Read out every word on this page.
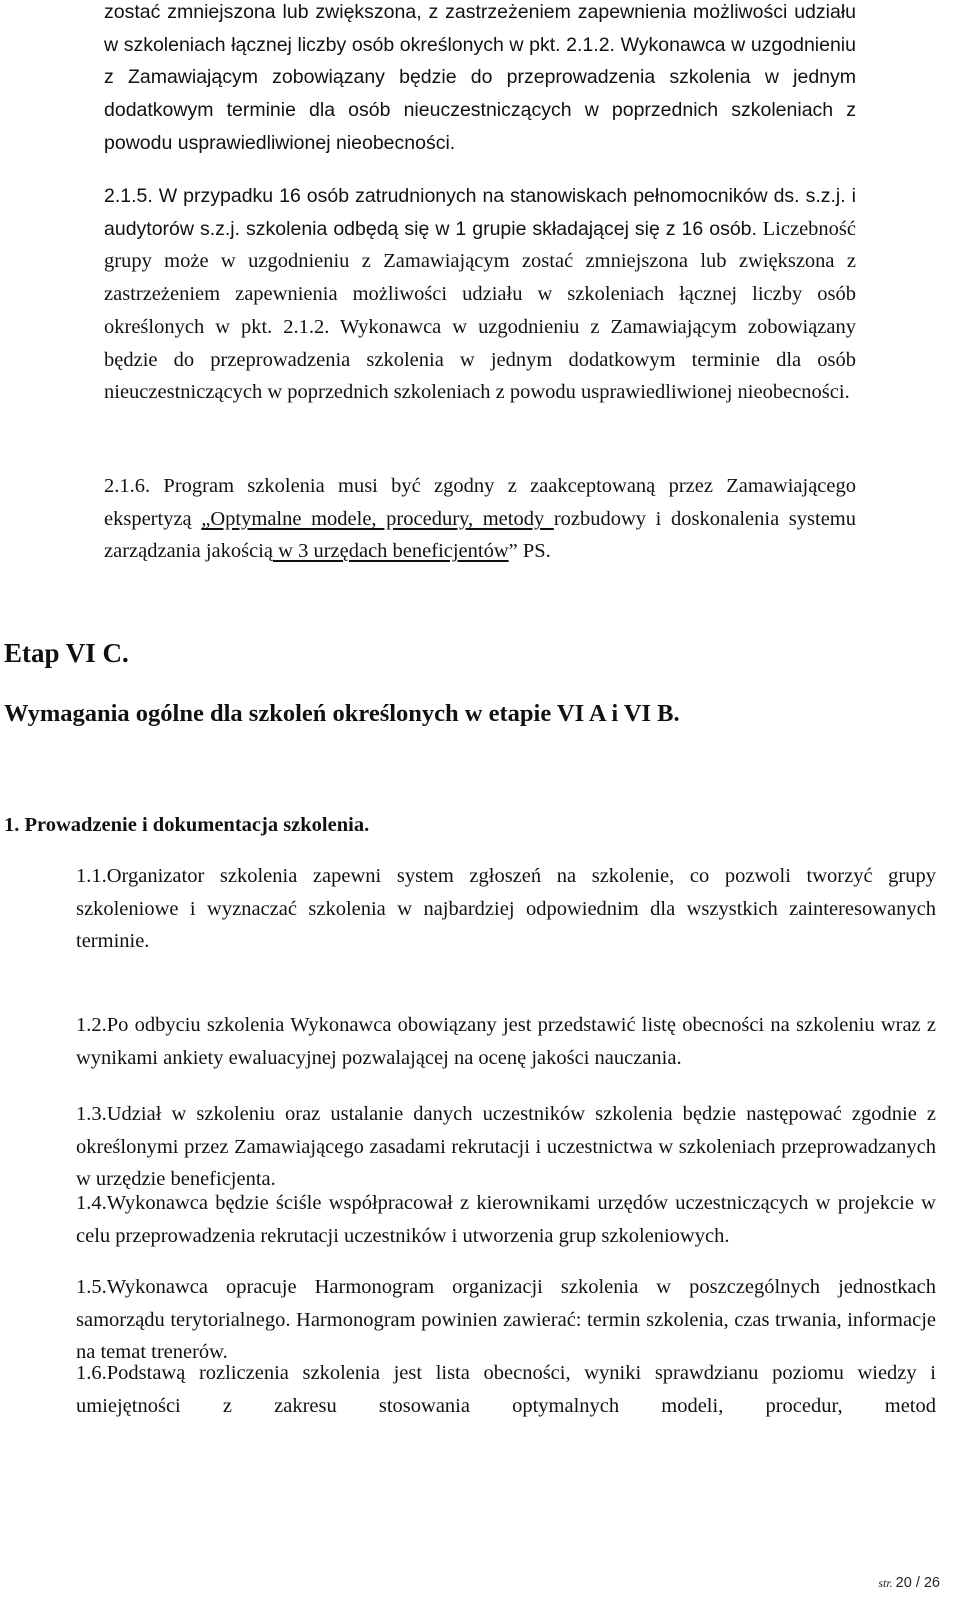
zostać zmniejszona lub zwiększona, z zastrzeżeniem zapewnienia możliwości udziału w szkoleniach łącznej liczby osób określonych w pkt. 2.1.2. Wykonawca w uzgodnieniu z Zamawiającym zobowiązany będzie do przeprowadzenia szkolenia w jednym dodatkowym terminie dla osób nieuczestniczących w poprzednich szkoleniach z powodu usprawiedliwionej nieobecności.

2.1.5. W przypadku 16 osób zatrudnionych na stanowiskach pełnomocników ds. s.z.j. i audytorów s.z.j. szkolenia odbędą się w 1 grupie składającej się z 16 osób. Liczebność grupy może w uzgodnieniu z Zamawiającym zostać zmniejszona lub zwiększona z zastrzeżeniem zapewnienia możliwości udziału w szkoleniach łącznej liczby osób określonych w pkt. 2.1.2. Wykonawca w uzgodnieniu z Zamawiającym zobowiązany będzie do przeprowadzenia szkolenia w jednym dodatkowym terminie dla osób nieuczestniczących w poprzednich szkoleniach z powodu usprawiedliwionej nieobecności.

2.1.6. Program szkolenia musi być zgodny z zaakceptowaną przez Zamawiającego ekspertyzą „Optymalne modele, procedury, metody rozbudowy i doskonalenia systemu zarządzania jakością w 3 urzędach beneficjentów” PS.

Etap VI C.
Wymagania ogólne dla szkoleń określonych w etapie VI A i VI B.
1. Prowadzenie i dokumentacja szkolenia.

1.1.Organizator szkolenia zapewni system zgłoszeń na szkolenie, co pozwoli tworzyć grupy szkoleniowe i wyznaczać szkolenia w najbardziej odpowiednim dla wszystkich zainteresowanych terminie.

1.2.Po odbyciu szkolenia Wykonawca obowiązany jest przedstawić listę obecności na szkoleniu wraz z wynikami ankiety ewaluacyjnej pozwalającej na ocenę jakości nauczania.

1.3.Udział w szkoleniu oraz ustalanie danych uczestników szkolenia będzie następować zgodnie z określonymi przez Zamawiającego zasadami rekrutacji i uczestnictwa w szkoleniach przeprowadzanych w urzędzie beneficjenta.

1.4.Wykonawca będzie ściśle współpracował z kierownikami urzędów uczestniczących w projekcie w celu przeprowadzenia rekrutacji uczestników i utworzenia grup szkoleniowych.

1.5.Wykonawca opracuje Harmonogram organizacji szkolenia w poszczególnych jednostkach samorządu terytorialnego. Harmonogram powinien zawierać: termin szkolenia, czas trwania, informacje na temat trenerów.

1.6.Podstawą rozliczenia szkolenia jest lista obecności, wyniki sprawdzianu poziomu wiedzy i umiejętności z zakresu stosowania optymalnych modeli, procedur, metod

str. 20 / 26
